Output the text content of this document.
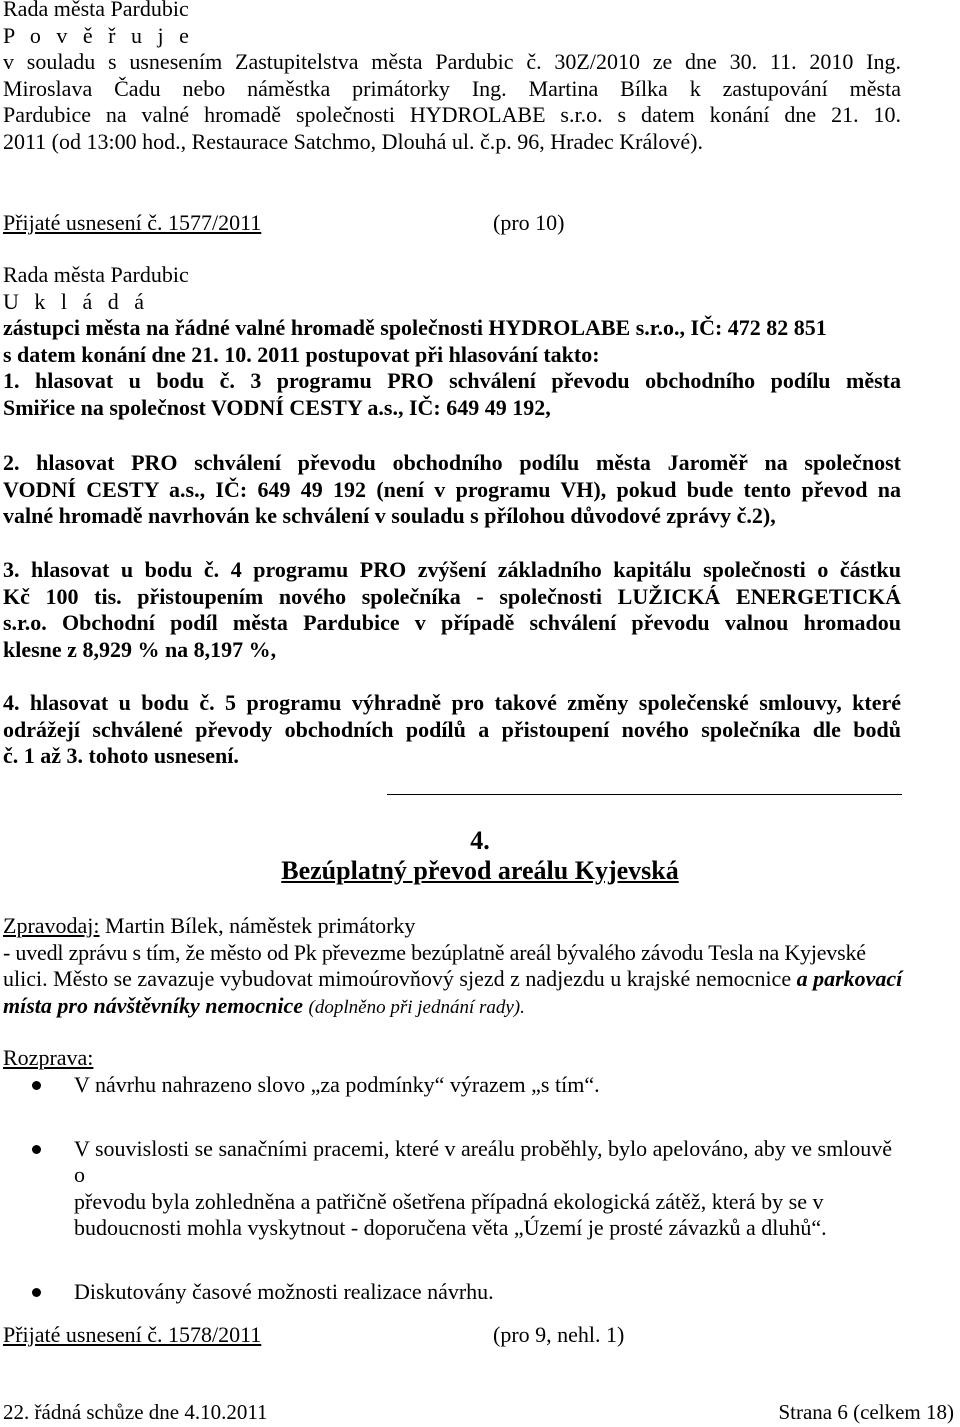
Rada města Pardubic
P o v ě ř u j e
v souladu s usnesením Zastupitelstva města Pardubic č. 30Z/2010 ze dne 30. 11. 2010 Ing.
Miroslava Čadu nebo náměstka primátorky Ing. Martina Bílka k zastupování města
Pardubice na valné hromadě společnosti HYDROLABE s.r.o. s datem konání dne 21. 10.
2011 (od 13:00 hod., Restaurace Satchmo, Dlouhá ul. č.p. 96, Hradec Králové).
Přijaté usnesení č. 1577/2011	(pro 10)
Rada města Pardubic
U k l á d á
zástupci města na řádné valné hromadě společnosti HYDROLABE s.r.o., IČ: 472 82 851
s datem konání dne 21. 10. 2011 postupovat při hlasování takto:
1. hlasovat u bodu č. 3 programu PRO schválení převodu obchodního podílu města
Smiřice na společnost VODNÍ CESTY a.s., IČ: 649 49 192,
2. hlasovat PRO schválení převodu obchodního podílu města Jaroměř na společnost
VODNÍ CESTY a.s., IČ: 649 49 192 (není v programu VH), pokud bude tento převod na
valné hromadě navrhován ke schválení v souladu s přílohou důvodové zprávy č.2),
3. hlasovat u bodu č. 4 programu PRO zvýšení základního kapitálu společnosti o částku
Kč 100 tis. přistoupením nového společníka - společnosti LUŽICKÁ ENERGETICKÁ
s.r.o. Obchodní podíl města Pardubice v případě schválení převodu valnou hromadou
klesne z 8,929 % na 8,197 %,
4. hlasovat u bodu č. 5 programu výhradně pro takové změny společenské smlouvy, které
odrážejí schválené převody obchodních podílů a přistoupení nového společníka dle bodů
č. 1 až 3. tohoto usnesení.
4.
Bezúplatný převod areálu Kyjevská
Zpravodaj: Martin Bílek, náměstek primátorky
- uvedl zprávu s tím, že město od Pk převezme bezúplatně areál bývalého závodu Tesla na Kyjevské
ulici. Město se zavazuje vybudovat mimoúrovňový sjezd z nadjezdu u krajské nemocnice a parkovací
místa pro návštěvníky nemocnice (doplněno při jednání rady).
Rozprava:
V návrhu nahrazeno slovo „za podmínky“ výrazem „s tím“.
V souvislosti se sanačními pracemi, které v areálu proběhly, bylo apelováno, aby ve smlouvě o
převodu byla zohledněna a patřičně ošetřena případná ekologická zátěž, která by se v
budoucnosti mohla vyskytnout - doporučena věta „Území je prosté závazků a dluhů“.
Diskutovány časové možnosti realizace návrhu.
Přijaté usnesení č. 1578/2011	(pro 9, nehl. 1)
22. řádná schůze dne 4.10.2011	Strana 6 (celkem 18)
